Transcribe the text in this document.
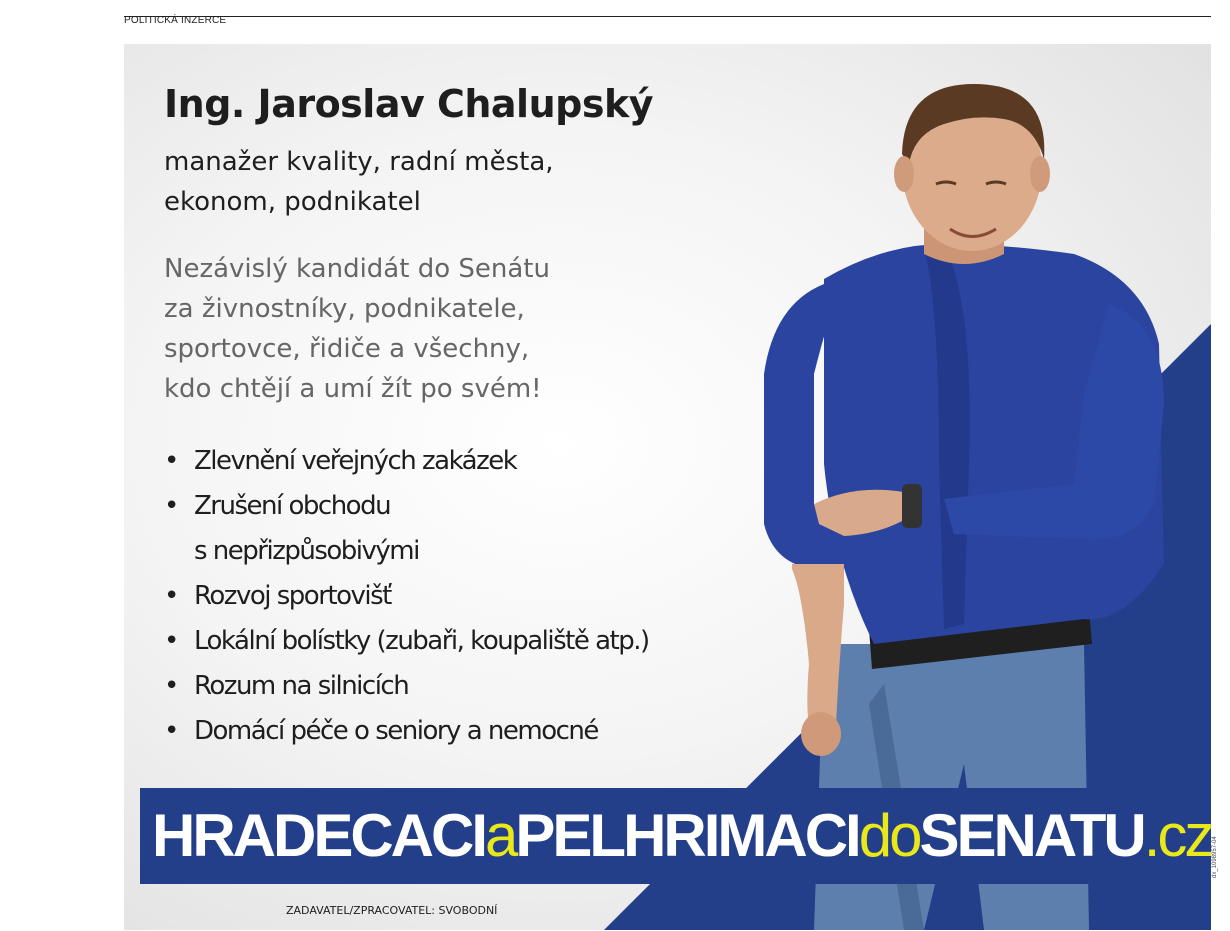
POLITICKÁ INZERCE
Ing. Jaroslav Chalupský
manažer kvality, radní města,
ekonom, podnikatel
Nezávislý kandidát do Senátu
za živnostníky, podnikatele,
sportovce, řidiče a všechny,
kdo chtějí a umí žít po svém!
• Zlevnění veřejných zakázek
• Zrušení obchodu
s nepřizpůsobivými
• Rozvoj sportovišť
• Lokální bolístky (zubaři, koupaliště atp.)
• Rozum na silnicích
• Domácí péče o seniory a nemocné
HRADECACIaPELHRIMACIdoSENATU.cz
ZADAVATEL/ZPRACOVATEL: SVOBODNÍ
dx_1098957-04
